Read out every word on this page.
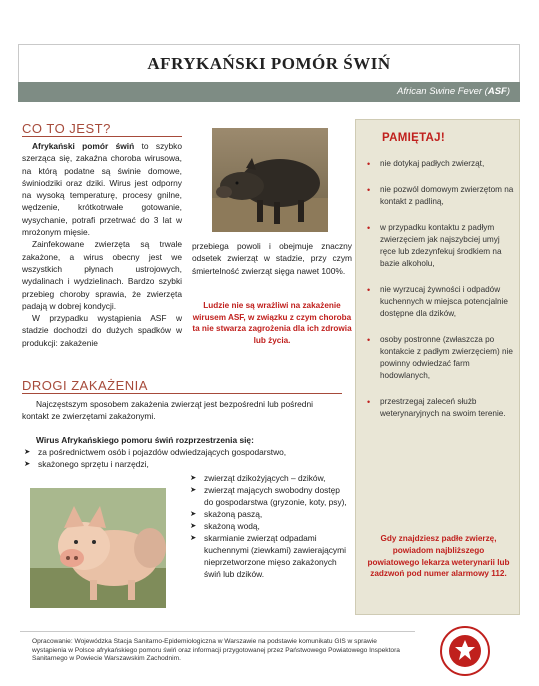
AFRYKAŃSKI POMÓR ŚWIŃ
African Swine Fever (ASF)
CO TO JEST?

Afrykański pomór świń to szybko szerząca się, zakaźna choroba wirusowa, na którą podatne są świnie domowe, świniodziki oraz dziki. Wirus jest odporny na wysoką temperaturę, procesy gnilne, wędzenie, krótkotrwałe gotowanie, wysychanie, potrafi przetrwać do 3 lat w mrożonym mięsie.

Zainfekowane zwierzęta są trwale zakażone, a wirus obecny jest we wszystkich płynach ustrojowych, wydalinach i wydzielinach. Bardzo szybki przebieg choroby sprawia, że zwierzęta padają w dobrej kondycji.

W przypadku wystąpienia ASF w stadzie dochodzi do dużych spadków w produkcji: zakażenie

przebiega powoli i obejmuje znaczny odsetek zwierząt w stadzie, przy czym śmiertelność zwierząt sięga nawet 100%.

Ludzie nie są wrażliwi na zakażenie wirusem ASF, w związku z czym choroba ta nie stwarza zagrożenia dla ich zdrowia lub życia.
PAMIĘTAJ!
• nie dotykaj padłych zwierząt,
• nie pozwól domowym zwierzętom na kontakt z padliną,
• w przypadku kontaktu z padłym zwierzęciem jak najszybciej umyj ręce lub zdezynfekuj środkiem na bazie alkoholu,
• nie wyrzucaj żywności i odpadów kuchennych w miejsca potencjalnie dostępne dla dzików,
• osoby postronne (zwłaszcza po kontakcie z padłym zwierzęciem) nie powinny odwiedzać farm hodowlanych,
• przestrzegaj zaleceń służb weterynaryjnych na swoim terenie.
Gdy znajdziesz padłe zwierzę, powiadom najbliższego powiatowego lekarza weterynarii lub zadzwoń pod numer alarmowy 112.
DROGI ZAKAŻENIA

Najczęstszym sposobem zakażenia zwierząt jest bezpośredni lub pośredni kontakt ze zwierzętami zakażonymi.

Wirus Afrykańskiego pomoru świń rozprzestrzenia się:
➤ za pośrednictwem osób i pojazdów odwiedzających gospodarstwo,
➤ skażonego sprzętu i narzędzi,
➤ zwierząt dzikożyjących – dzików,
➤ zwierząt mających swobodny dostęp do gospodarstwa (gryzonie, koty, psy),
➤ skażoną paszą,
➤ skażoną wodą,
➤ skarmianie zwierząt odpadami kuchennymi (ziewkami) zawierającymi nieprzetworzone mięso zakażonych świń lub dzików.
Opracowanie: Wojewódzka Stacja Sanitarno-Epidemiologiczna w Warszawie na podstawie komunikatu GIS w sprawie wystąpienia w Polsce afrykańskiego pomoru świń oraz informacji przygotowanej przez Państwowego Powiatowego Inspektora Sanitarnego w Powiecie Warszawskim Zachodnim.
